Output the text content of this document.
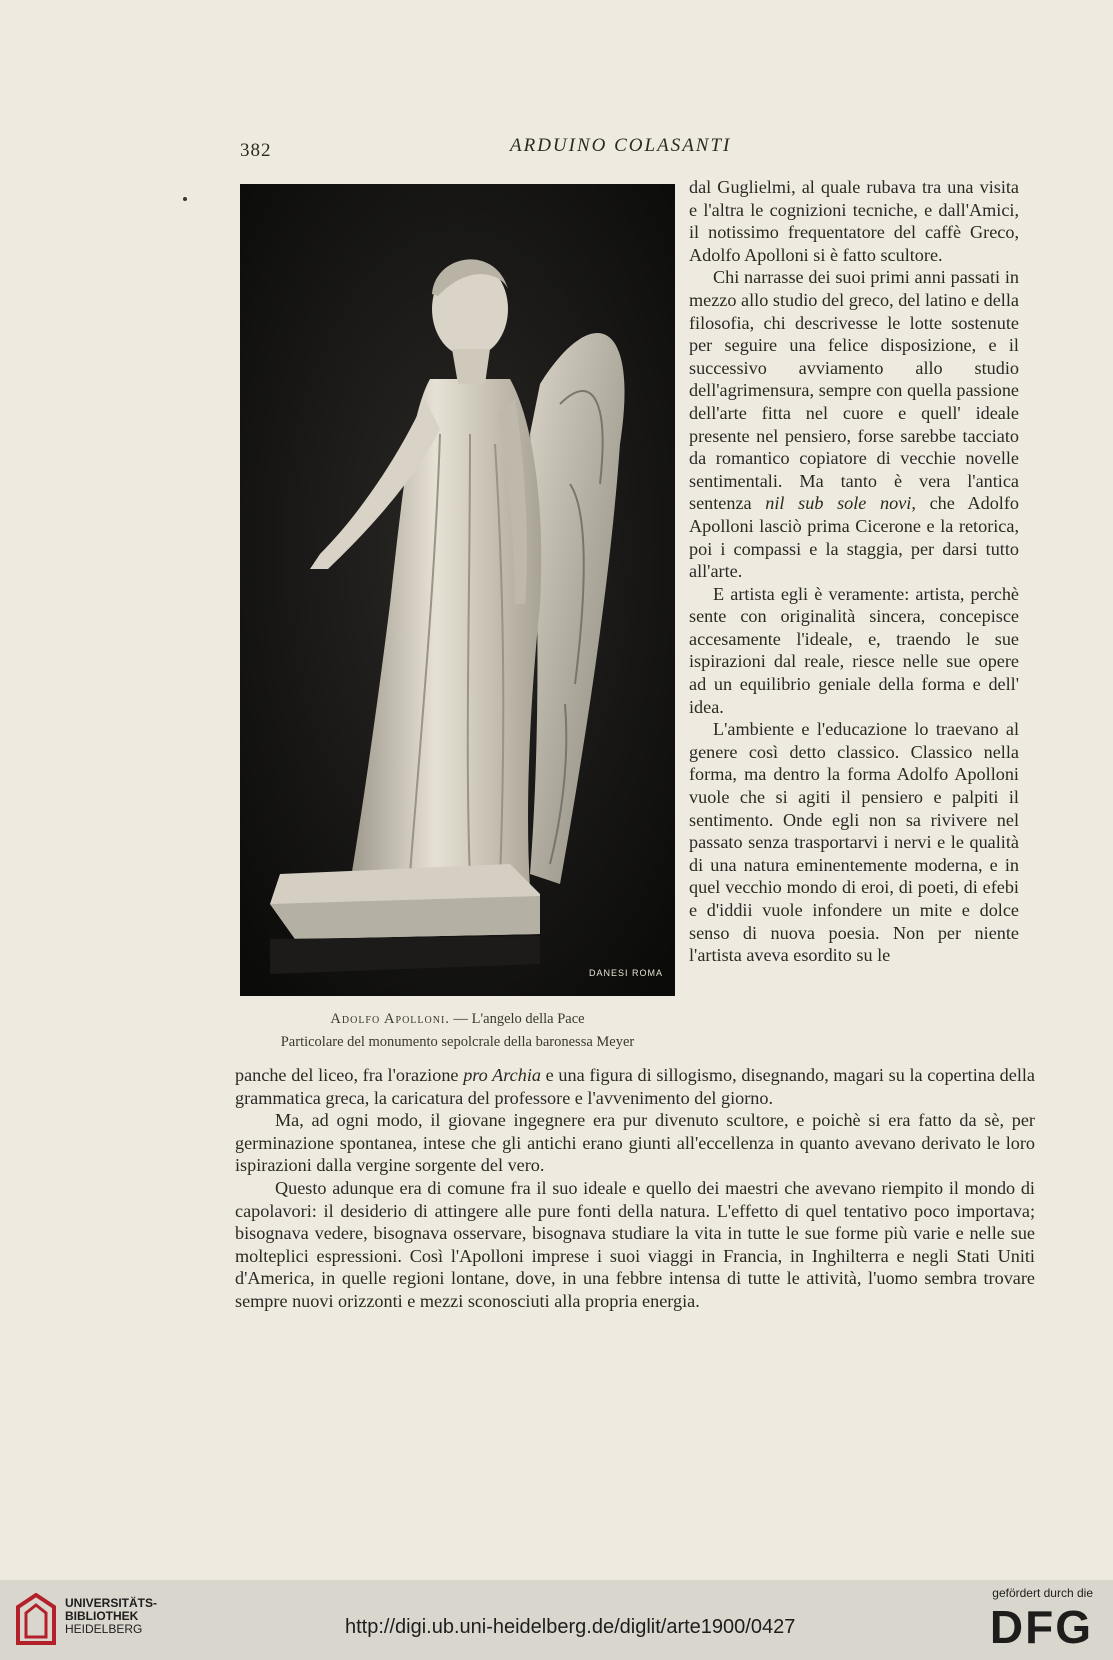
382	ARDUINO COLASANTI
DANESI ROMA
Adolfo Apolloni. — L'angelo della Pace
Particolare del monumento sepolcrale della baronessa Meyer

dal Guglielmi, al quale rubava tra una visita e l'altra le cognizioni tecniche, e dall'Amici, il notissimo frequentatore del caffè Greco, Adolfo Apolloni si è fatto scultore.

Chi narrasse dei suoi primi anni passati in mezzo allo studio del greco, del latino e della filosofia, chi descrivesse le lotte sostenute per seguire una felice disposizione, e il successivo avviamento allo studio dell'agrimensura, sempre con quella passione dell'arte fitta nel cuore e quell' ideale presente nel pensiero, forse sarebbe tacciato da romantico copiatore di vecchie novelle sentimentali. Ma tanto è vera l'antica sentenza nil sub sole novi, che Adolfo Apolloni lasciò prima Cicerone e la retorica, poi i compassi e la staggia, per darsi tutto all'arte.

E artista egli è veramente: artista, perchè sente con originalità sincera, concepisce accesamente l'ideale, e, traendo le sue ispirazioni dal reale, riesce nelle sue opere ad un equilibrio geniale della forma e dell' idea.

L'ambiente e l'educazione lo traevano al genere così detto classico. Classico nella forma, ma dentro la forma Adolfo Apolloni vuole che si agiti il pensiero e palpiti il sentimento. Onde egli non sa rivivere nel passato senza trasportarvi i nervi e le qualità di una natura eminentemente moderna, e in quel vecchio mondo di eroi, di poeti, di efebi e d'iddii vuole infondere un mite e dolce senso di nuova poesia. Non per niente l'artista aveva esordito su le

panche del liceo, fra l'orazione pro Archia e una figura di sillogismo, disegnando, magari su la copertina della grammatica greca, la caricatura del professore e l'avvenimento del giorno.

Ma, ad ogni modo, il giovane ingegnere era pur divenuto scultore, e poichè si era fatto da sè, per germinazione spontanea, intese che gli antichi erano giunti all'eccellenza in quanto avevano derivato le loro ispirazioni dalla vergine sorgente del vero.

Questo adunque era di comune fra il suo ideale e quello dei maestri che avevano riempito il mondo di capolavori: il desiderio di attingere alle pure fonti della natura. L'effetto di quel tentativo poco importava; bisognava vedere, bisognava osservare, bisognava studiare la vita in tutte le sue forme più varie e nelle sue molteplici espressioni. Così l'Apolloni imprese i suoi viaggi in Francia, in Inghilterra e negli Stati Uniti d'America, in quelle regioni lontane, dove, in una febbre intensa di tutte le attività, l'uomo sembra trovare sempre nuovi orizzonti e mezzi sconosciuti alla propria energia.

UNIVERSITÄTS-
BIBLIOTHEK
HEIDELBERG	http://digi.ub.uni-heidelberg.de/diglit/arte1900/0427
gefördert durch die
DFG
